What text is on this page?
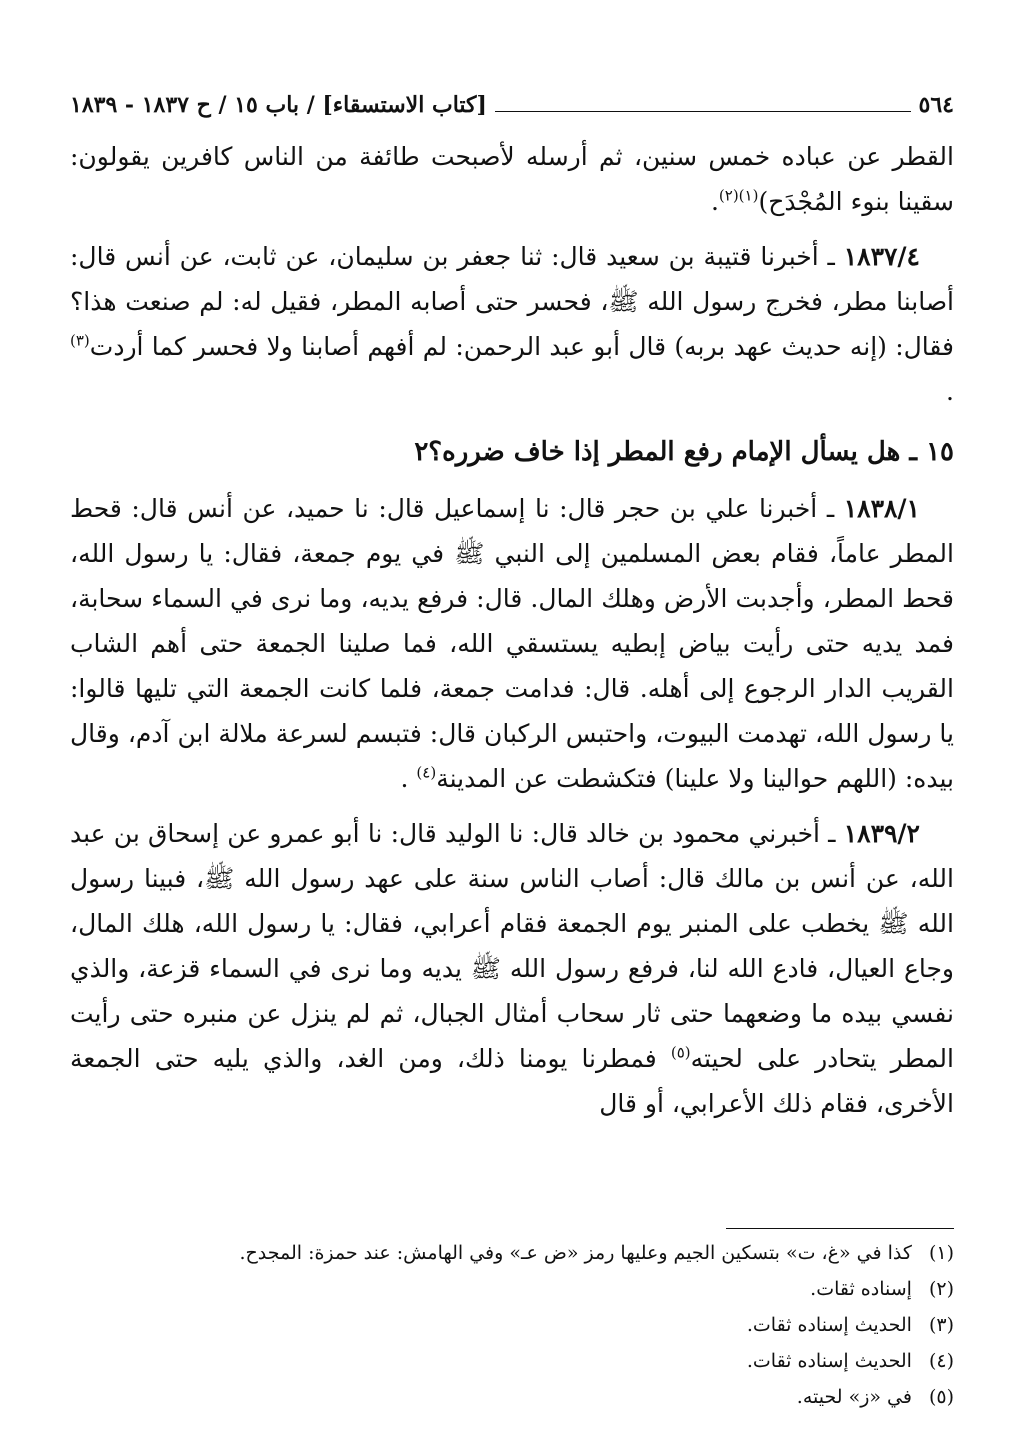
٥٦٤
[كتاب الاستسقاء] / باب ١٥ / ح ١٨٣٧ - ١٨٣٩

القطر عن عباده خمس سنين، ثم أرسله لأصبحت طائفة من الناس كافرين يقولون: سقينا بنوء المُجْدَح)$^{(١)(٢)}$.

١٨٣٧/٤ ـ أخبرنا قتيبة بن سعيد قال: ثنا جعفر بن سليمان، عن ثابت، عن أنس قال: أصابنا مطر، فخرج رسول الله ﷺ، فحسر حتى أصابه المطر، فقيل له: لم صنعت هذا؟ فقال: (إنه حديث عهد بربه) قال أبو عبد الرحمن: لم أفهم أصابنا ولا فحسر كما أردت$^{(٣)}$ .

١٥ ـ هل يسأل الإمام رفع المطر إذا خاف ضرره؟٢

١٨٣٨/١ ـ أخبرنا علي بن حجر قال: نا إسماعيل قال: نا حميد، عن أنس قال: قحط المطر عاماً، فقام بعض المسلمين إلى النبي ﷺ في يوم جمعة، فقال: يا رسول الله، قحط المطر، وأجدبت الأرض وهلك المال. قال: فرفع يديه، وما نرى في السماء سحابة، فمد يديه حتى رأيت بياض إبطيه يستسقي الله، فما صلينا الجمعة حتى أهم الشاب القريب الدار الرجوع إلى أهله. قال: فدامت جمعة، فلما كانت الجمعة التي تليها قالوا: يا رسول الله، تهدمت البيوت، واحتبس الركبان قال: فتبسم لسرعة ملالة ابن آدم، وقال بيده: (اللهم حوالينا ولا علينا) فتكشطت عن المدينة$^{(٤)}$ .

١٨٣٩/٢ ـ أخبرني محمود بن خالد قال: نا الوليد قال: نا أبو عمرو عن إسحاق بن عبد الله، عن أنس بن مالك قال: أصاب الناس سنة على عهد رسول الله ﷺ، فبينا رسول الله ﷺ يخطب على المنبر يوم الجمعة فقام أعرابي، فقال: يا رسول الله، هلك المال، وجاع العيال، فادع الله لنا، فرفع رسول الله ﷺ يديه وما نرى في السماء قزعة، والذي نفسي بيده ما وضعهما حتى ثار سحاب أمثال الجبال، ثم لم ينزل عن منبره حتى رأيت المطر يتحادر على لحيته$^{(٥)}$ فمطرنا يومنا ذلك، ومن الغد، والذي يليه حتى الجمعة الأخرى، فقام ذلك الأعرابي، أو قال

(١) كذا في «غ، ت» بتسكين الجيم وعليها رمز «ض عـ» وفي الهامش: عند حمزة: المجدح.
(٢) إسناده ثقات.
(٣) الحديث إسناده ثقات.
(٤) الحديث إسناده ثقات.
(٥) في «ز» لحيته.
